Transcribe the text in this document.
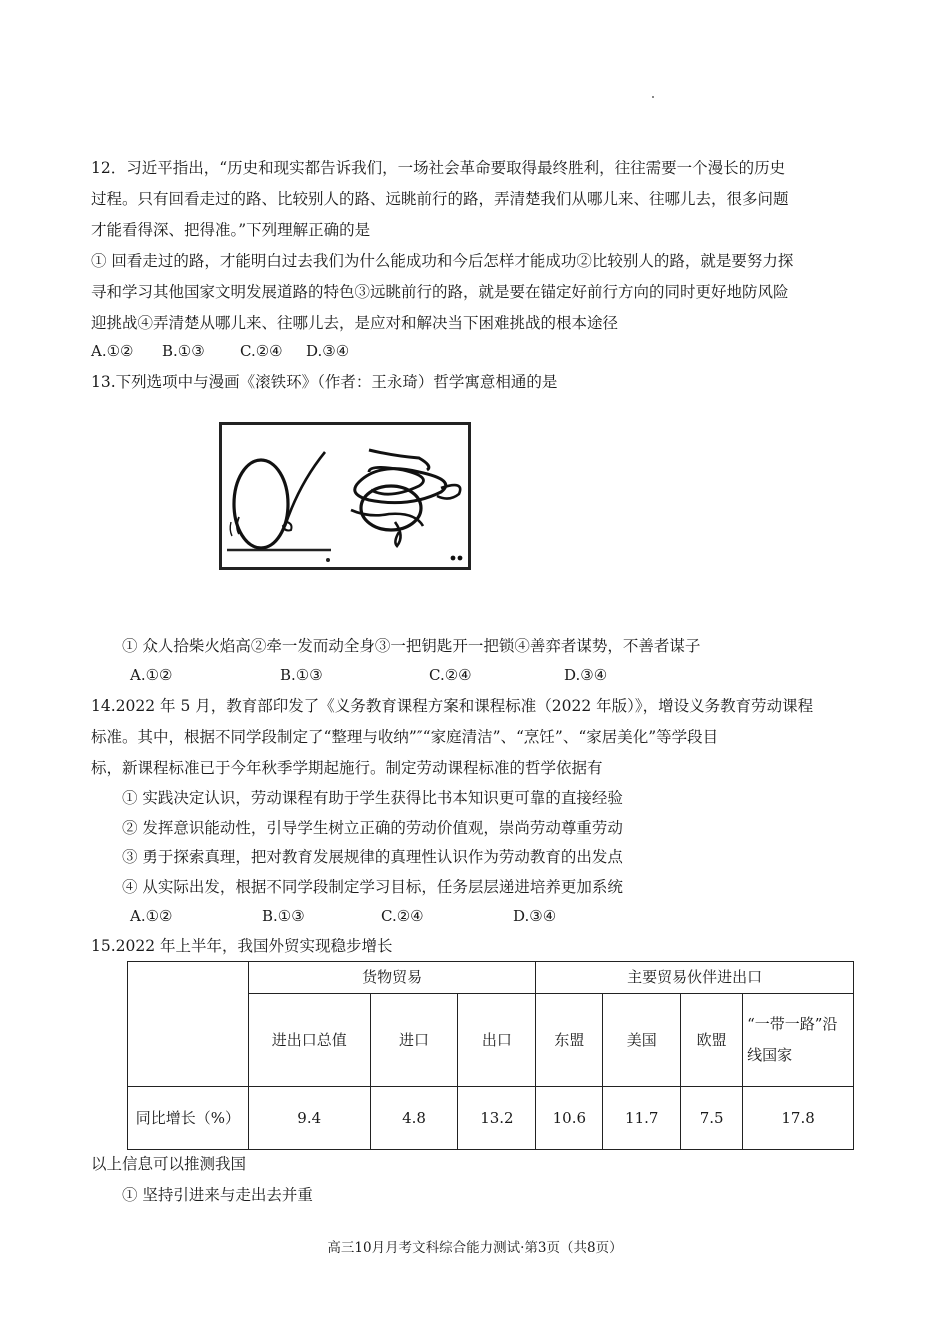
12．习近平指出，“历史和现实都告诉我们，一场社会革命要取得最终胜利，往往需要一个漫长的历史
过程。只有回看走过的路、比较别人的路、远眺前行的路，弄清楚我们从哪儿来、往哪儿去，很多问题
才能看得深、把得准。”下列理解正确的是
① 回看走过的路，才能明白过去我们为什么能成功和今后怎样才能成功②比较别人的路，就是要努力探
寻和学习其他国家文明发展道路的特色③远眺前行的路，就是要在锚定好前行方向的同时更好地防风险
迎挑战④弄清楚从哪儿来、往哪儿去，是应对和解决当下困难挑战的根本途径
A.①② B.①③ C.②④ D.③④
13.下列选项中与漫画《滚铁环》（作者：王永琦）哲学寓意相通的是
① 众人拾柴火焰高②牵一发而动全身③一把钥匙开一把锁④善弈者谋势，不善者谋子
A.①②	B.①③	C.②④	D.③④
14.2022 年 5 月，教育部印发了《义务教育课程方案和课程标准（2022 年版）》，增设义务教育劳动课程
标准。其中，根据不同学段制定了“整理与收纳”″“家庭清洁”、“烹饪”、“家居美化”等学段目
标，新课程标准已于今年秋季学期起施行。制定劳动课程标准的哲学依据有
① 实践决定认识，劳动课程有助于学生获得比书本知识更可靠的直接经验
② 发挥意识能动性，引导学生树立正确的劳动价值观，崇尚劳动尊重劳动
③ 勇于探索真理，把对教育发展规律的真理性认识作为劳动教育的出发点
④ 从实际出发，根据不同学段制定学习目标，任务层层递进培养更加系统
A.①②	B.①③	C.②④	D.③④
15.2022 年上半年，我国外贸实现稳步增长
	货物贸易			主要贸易伙伴进出口			
	进出口总值	进口	出口	东盟	美国	欧盟	“一带一路”沿线国家
同比增长（%）	9.4	4.8	13.2	10.6	11.7	7.5	17.8
以上信息可以推测我国
① 坚持引进来与走出去并重
高三10月月考文科综合能力测试·第3页（共8页）
